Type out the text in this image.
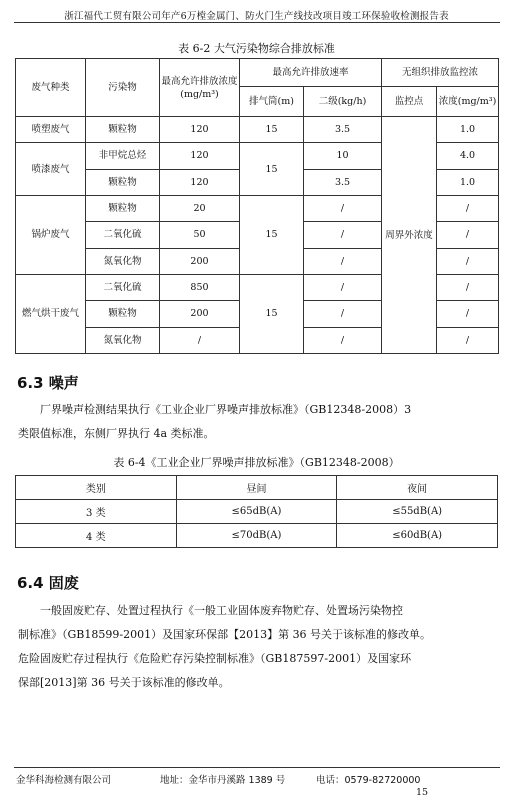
浙江福代工贸有限公司年产6万樘金属门、防火门生产线技改项目竣工环保验收检测报告表
表 6-2 大气污染物综合排放标准
废气种类	污染物	最高允许排放浓度(mg/m³)	最高允许排放速率		无组织排放监控浓	
			排气筒(m)	二级(kg/h)	监控点	浓度(mg/m³)
喷塑废气	颗粒物	120	15	3.5	周界外浓度	1.0
喷漆废气	非甲烷总烃	120	15	10		4.0
	颗粒物	120		3.5		1.0
锅炉废气	颗粒物	20	15	/		/
	二氧化硫	50		/		/
	氮氧化物	200		/		/
燃气烘干废气	二氧化硫	850	15	/		/
	颗粒物	200		/		/
	氮氧化物	/		/		/
6.3 噪声

厂界噪声检测结果执行《工业企业厂界噪声排放标准》（GB12348-2008）3

类限值标准，东侧厂界执行 4a 类标准。

表 6-4《工业企业厂界噪声排放标准》（GB12348-2008）
类别	昼间	夜间
3 类	≤65dB(A)	≤55dB(A)
4 类	≤70dB(A)	≤60dB(A)
6.4 固废

一般固废贮存、处置过程执行《一般工业固体废弃物贮存、处置场污染物控

制标准》（GB18599-2001）及国家环保部【2013】第 36 号关于该标准的修改单。

危险固废贮存过程执行《危险贮存污染控制标准》（GB187597-2001）及国家环

保部[2013]第 36 号关于该标准的修改单。

金华科海检测有限公司	地址：金华市丹溪路 1389 号	电话：0579-82720000
15
